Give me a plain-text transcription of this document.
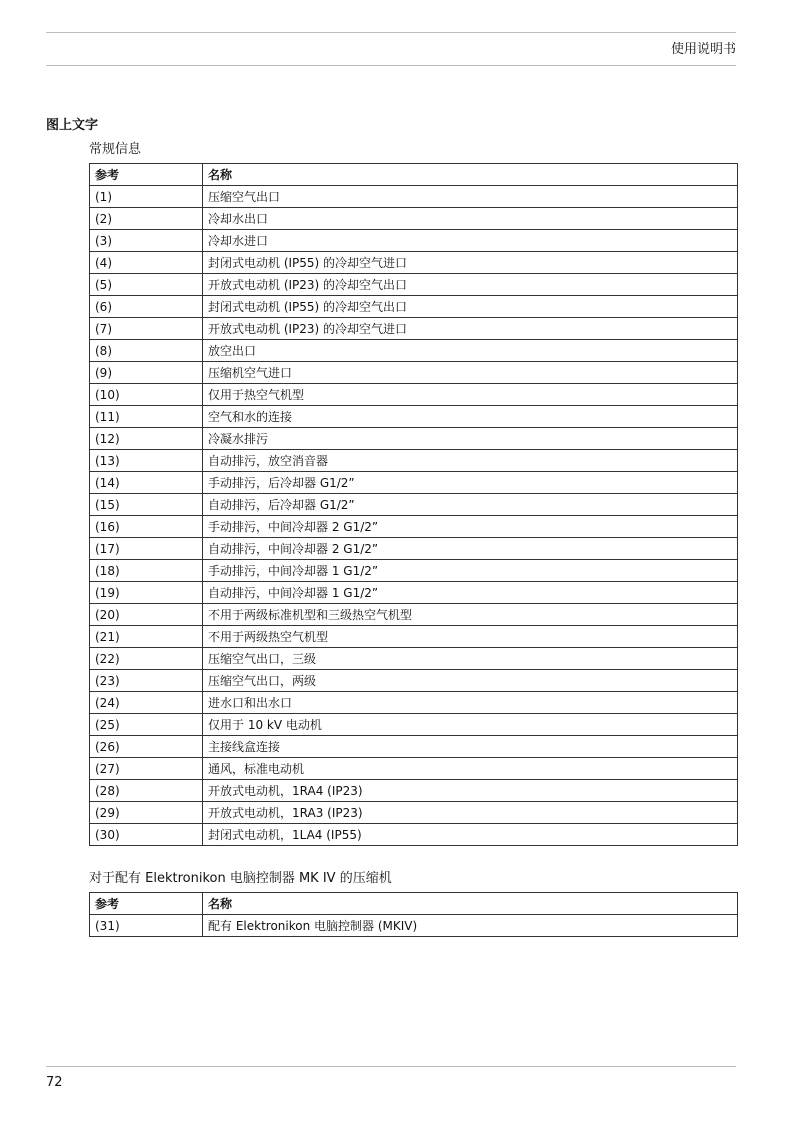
使用说明书
图上文字
常规信息
参考	名称
(1)	压缩空气出口
(2)	冷却水出口
(3)	冷却水进口
(4)	封闭式电动机 (IP55) 的冷却空气进口
(5)	开放式电动机 (IP23) 的冷却空气出口
(6)	封闭式电动机 (IP55) 的冷却空气出口
(7)	开放式电动机 (IP23) 的冷却空气进口
(8)	放空出口
(9)	压缩机空气进口
(10)	仅用于热空气机型
(11)	空气和水的连接
(12)	冷凝水排污
(13)	自动排污，放空消音器
(14)	手动排污，后冷却器 G1/2”
(15)	自动排污，后冷却器 G1/2”
(16)	手动排污，中间冷却器 2 G1/2”
(17)	自动排污，中间冷却器 2 G1/2”
(18)	手动排污，中间冷却器 1 G1/2”
(19)	自动排污，中间冷却器 1 G1/2”
(20)	不用于两级标准机型和三级热空气机型
(21)	不用于两级热空气机型
(22)	压缩空气出口，三级
(23)	压缩空气出口，两级
(24)	进水口和出水口
(25)	仅用于 10 kV 电动机
(26)	主接线盒连接
(27)	通风，标准电动机
(28)	开放式电动机，1RA4 (IP23)
(29)	开放式电动机，1RA3 (IP23)
(30)	封闭式电动机，1LA4 (IP55)
对于配有 Elektronikon 电脑控制器 MK IV 的压缩机
参考	名称
(31)	配有 Elektronikon 电脑控制器 (MKIV)
72
